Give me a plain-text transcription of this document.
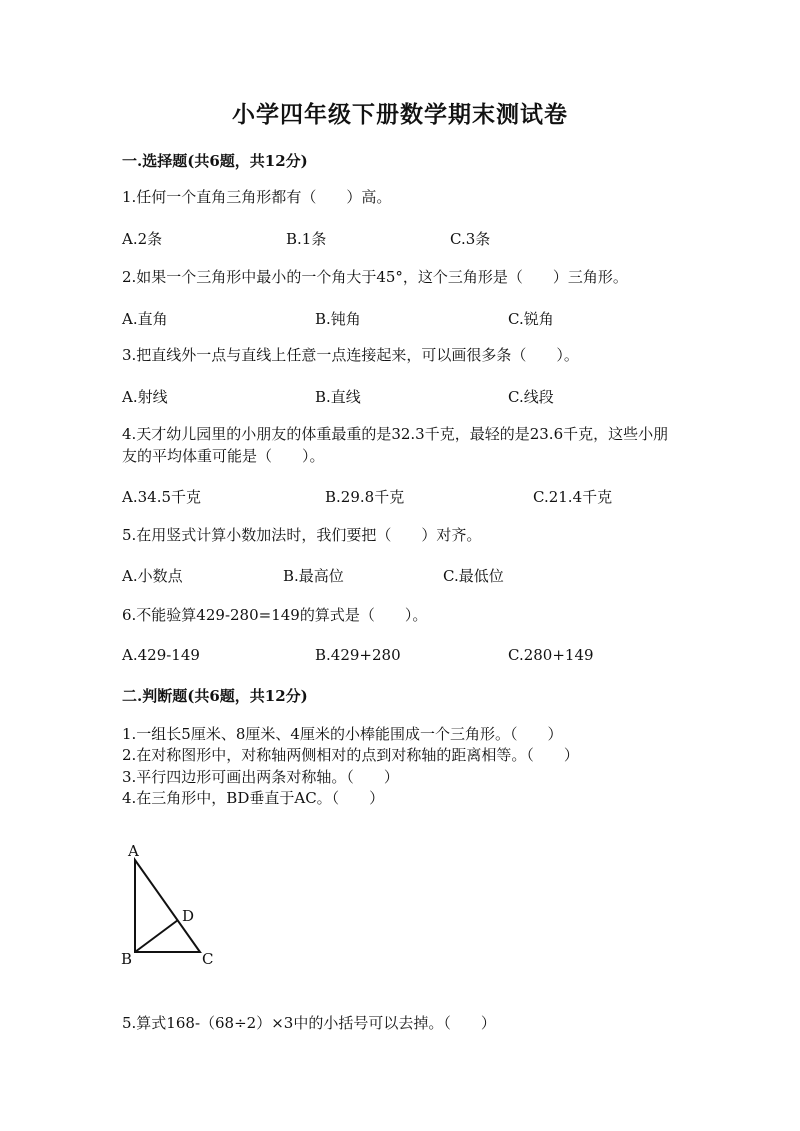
小学四年级下册数学期末测试卷
一.选择题(共6题，共12分)
1.任何一个直角三角形都有（　　）高。
A.2条	B.1条	C.3条
2.如果一个三角形中最小的一个角大于45°，这个三角形是（　　）三角形。
A.直角	B.钝角	C.锐角
3.把直线外一点与直线上任意一点连接起来，可以画很多条（　　）。
A.射线	B.直线	C.线段
4.天才幼儿园里的小朋友的体重最重的是32.3千克，最轻的是23.6千克，这些小朋友的平均体重可能是（　　）。
A.34.5千克	B.29.8千克	C.21.4千克
5.在用竖式计算小数加法时，我们要把（　　）对齐。
A.小数点	B.最高位	C.最低位
6.不能验算429-280=149的算式是（　　）。
A.429-149	B.429+280	C.280+149
二.判断题(共6题，共12分)
1.一组长5厘米、8厘米、4厘米的小棒能围成一个三角形。（　　）
2.在对称图形中，对称轴两侧相对的点到对称轴的距离相等。（　　）
3.平行四边形可画出两条对称轴。（　　）
4.在三角形中，BD垂直于AC。（　　）
A
B	C
D
5.算式168-（68÷2）×3中的小括号可以去掉。（　　）
